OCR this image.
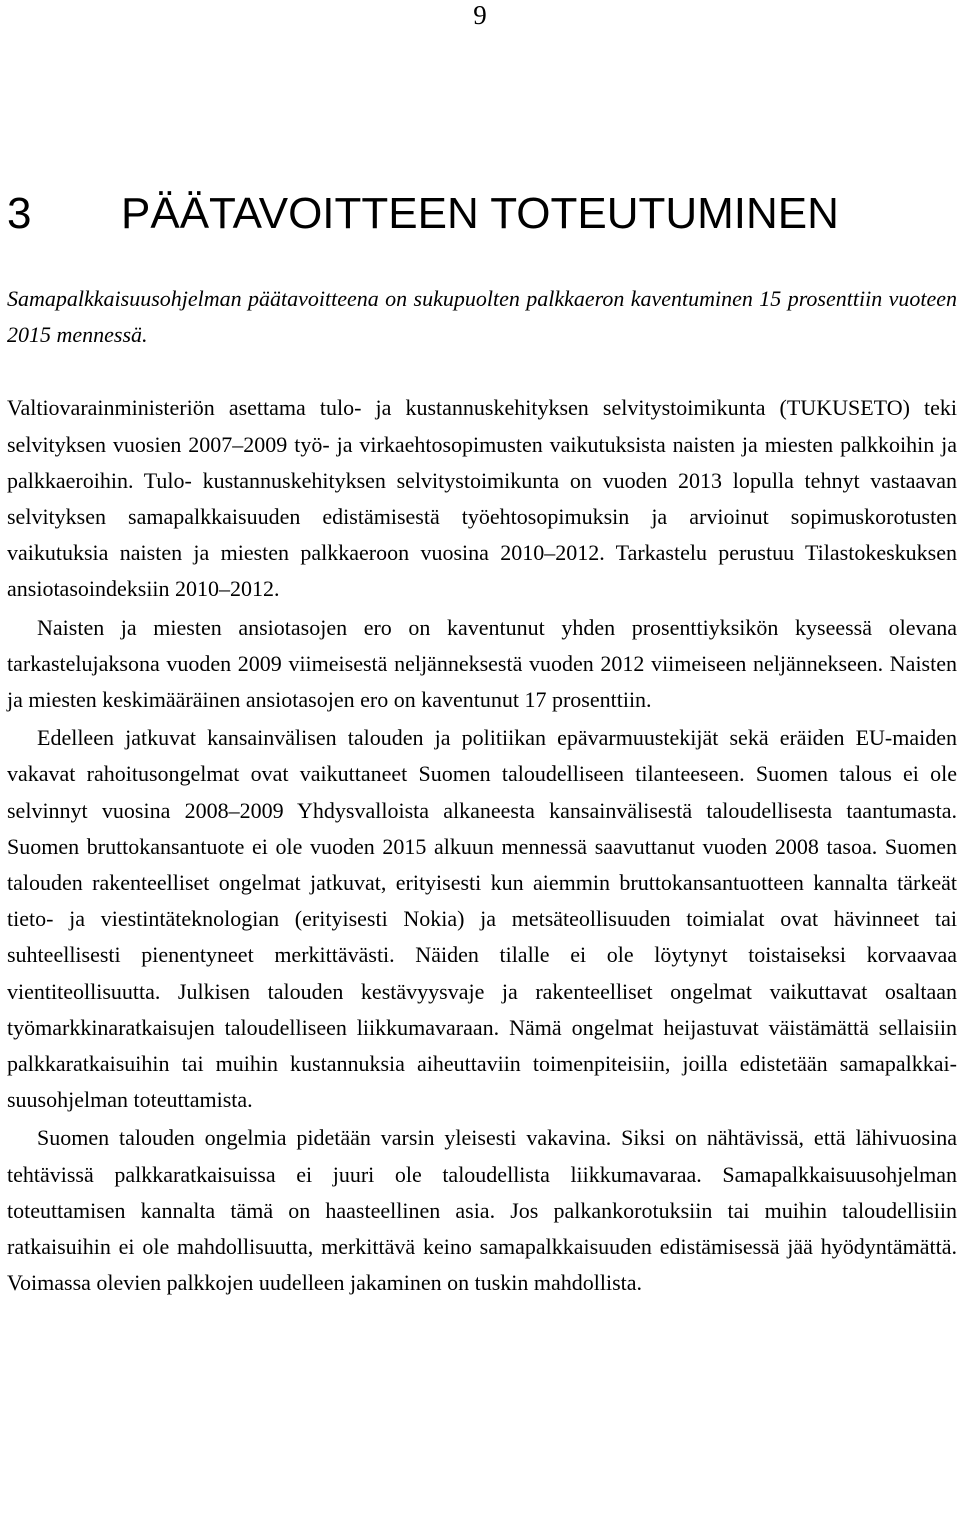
9
3 PÄÄTAVOITTEEN TOTEUTUMINEN

Samapalkkaisuusohjelman päätavoitteena on sukupuolten palkkaeron kaventuminen 15 prosenttiin vuoteen 2015 mennessä.

Valtiovarainministeriön asettama tulo- ja kustannuskehityksen selvitystoimikunta (TUKUSETO) teki selvityksen vuosien 2007–2009 työ- ja virkaehtosopimusten vaikutuksista naisten ja miesten palkkoihin ja palkkaeroihin. Tulo- kustannuskehityksen selvitystoimikunta on vuoden 2013 lopulla tehnyt vastaavan selvityksen samapalkkaisuuden edistämisestä työehtosopimuksin ja arvioinut sopimuskorotusten vaikutuksia naisten ja miesten palkkaeroon vuosina 2010–2012. Tarkastelu perustuu Tilastokeskuksen ansiotasoindeksiin 2010–2012.

Naisten ja miesten ansiotasojen ero on kaventunut yhden prosenttiyksikön kyseessä olevana tarkastelujaksona vuoden 2009 viimeisestä neljänneksestä vuoden 2012 viimeiseen neljännekseen. Naisten ja miesten keskimääräinen ansiotasojen ero on kaventunut 17 prosenttiin.

Edelleen jatkuvat kansainvälisen talouden ja politiikan epävarmuustekijät sekä eräiden EU-maiden vakavat rahoitusongelmat ovat vaikuttaneet Suomen taloudelliseen tilanteeseen. Suomen talous ei ole selvinnyt vuosina 2008–2009 Yhdysvalloista alkaneesta kansainvälisestä taloudellisesta taantumasta. Suomen bruttokansantuote ei ole vuoden 2015 alkuun mennessä saavuttanut vuoden 2008 tasoa. Suomen talouden rakenteelliset ongelmat jatkuvat, erityisesti kun aiemmin bruttokansantuotteen kannalta tärkeät tieto- ja viestintäteknologian (erityisesti Nokia) ja metsäteollisuuden toimialat ovat hävinneet tai suhteellisesti pienentyneet merkittävästi. Näiden tilalle ei ole löytynyt toistaiseksi korvaavaa vientiteollisuutta. Julkisen talouden kestävyysvaje ja rakenteelliset ongelmat vaikuttavat osaltaan työmarkkinaratkaisujen taloudelliseen liikkumavaraan. Nämä ongelmat heijastuvat väistämättä sellaisiin palkkaratkaisuihin tai muihin kustannuksia aiheuttaviin toimenpiteisiin, joilla edistetään samapalkkaisuusohjelman toteuttamista.

Suomen talouden ongelmia pidetään varsin yleisesti vakavina. Siksi on nähtävissä, että lähivuosina tehtävissä palkkaratkaisuissa ei juuri ole taloudellista liikkumavaraa. Samapalkkaisuusohjelman toteuttamisen kannalta tämä on haasteellinen asia. Jos palkankorotuksiin tai muihin taloudellisiin ratkaisuihin ei ole mahdollisuutta, merkittävä keino samapalkkaisuuden edistämisessä jää hyödyntämättä. Voimassa olevien palkkojen uudelleen jakaminen on tuskin mahdollista.
